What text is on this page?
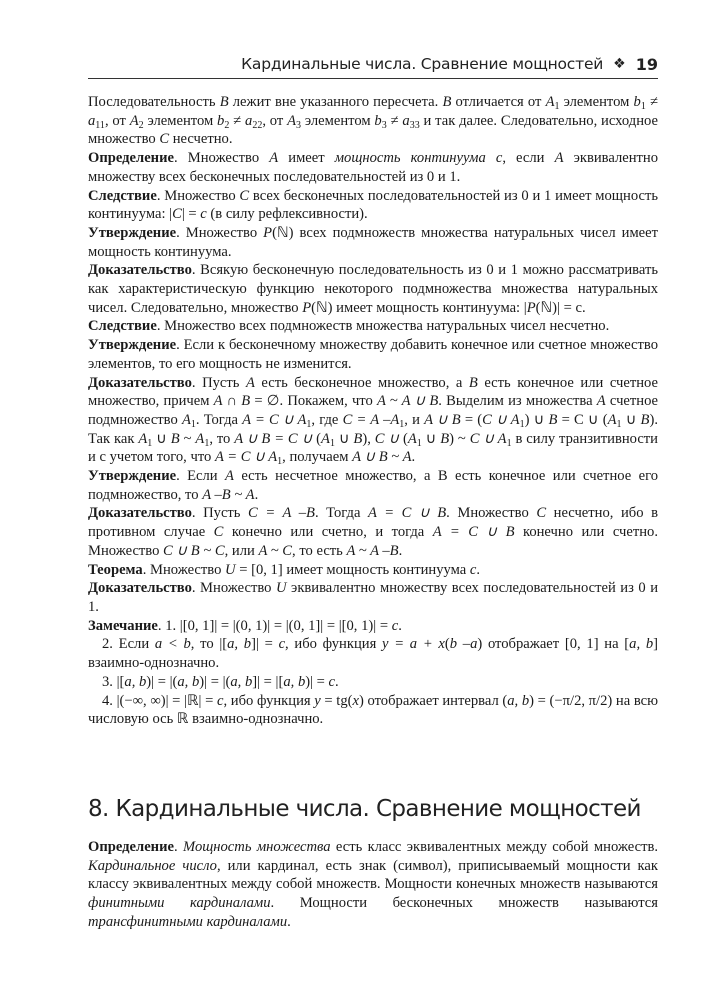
Кардинальные числа. Сравнение мощностей ❖ 19

Последовательность B лежит вне указанного пересчета. B отличается от $A_1$ элементом $b_1 \ne a_{11}$, от $A_2$ элементом $b_2 \ne a_{22}$, от $A_3$ элементом $b_3 \ne a_{33}$ и так далее. Следовательно, исходное множество C несчетно.

Определение. Множество A имеет мощность континуума с, если A эквивалентно множеству всех бесконечных последовательностей из 0 и 1.

Следствие. Множество C всех бесконечных последовательностей из 0 и 1 имеет мощность континуума: |C| = c (в силу рефлексивности).

Утверждение. Множество P(ℕ) всех подмножеств множества натуральных чисел имеет мощность континуума.

Доказательство. Всякую бесконечную последовательность из 0 и 1 можно рассматривать как характеристическую функцию некоторого подмножества множества натуральных чисел. Следовательно, множество P(ℕ) имеет мощность континуума: |P(ℕ)| = с.

Следствие. Множество всех подмножеств множества натуральных чисел несчетно.

Утверждение. Если к бесконечному множеству добавить конечное или счетное множество элементов, то его мощность не изменится.

Доказательство. Пусть A есть бесконечное множество, а B есть конечное или счетное множество, причем A ∩ B = ∅. Покажем, что A ~ A ∪ B. Выделим из множества A счетное подмножество $A_1$. Тогда A = C ∪ $A_1$, где C = A $-A_1$, и A ∪ B = (C ∪ $A_1$) ∪ B = C ∪ ($A_1$ ∪ B). Так как $A_1$ ∪ B ~ $A_1$, то A ∪ B = C ∪ ($A_1$ ∪ B), C ∪ ($A_1$ ∪ B) ~ C ∪ $A_1$ в силу транзитивности и с учетом того, что A = C ∪ $A_1$, получаем A ∪ B ~ A.

Утверждение. Если A есть несчетное множество, а B есть конечное или счетное его подмножество, то A –B ~ A.

Доказательство. Пусть C = A –B. Тогда A = C ∪ B. Множество C несчетно, ибо в противном случае C конечно или счетно, и тогда A = C ∪ B конечно или счетно. Множество C ∪ B ~ C, или A ~ C, то есть A ~ A –B.

Теорема. Множество U = [0, 1] имеет мощность континуума c.

Доказательство. Множество U эквивалентно множеству всех последовательностей из 0 и 1.

Замечание. 1. |[0, 1]| = |(0, 1)| = |(0, 1]| = |[0, 1)| = c.

2. Если a < b, то |[a, b]| = c, ибо функция y = a + x(b –a) отображает [0, 1] на [a, b] взаимно-однозначно.

3. |[a, b)| = |(a, b)| = |(a, b]| = |[a, b)| = c.

4. |(−∞, ∞)| = |ℝ| = c, ибо функция y = tg(x) отображает интервал (a, b) = (−π/2, π/2) на всю числовую ось ℝ взаимно-однозначно.

8. Кардинальные числа. Сравнение мощностей

Определение. Мощность множества есть класс эквивалентных между собой множеств. Кардинальное число, или кардинал, есть знак (символ), приписываемый мощности как классу эквивалентных между собой множеств. Мощности конечных множеств называются финитными кардиналами. Мощности бесконечных множеств называются трансфинитными кардиналами.
